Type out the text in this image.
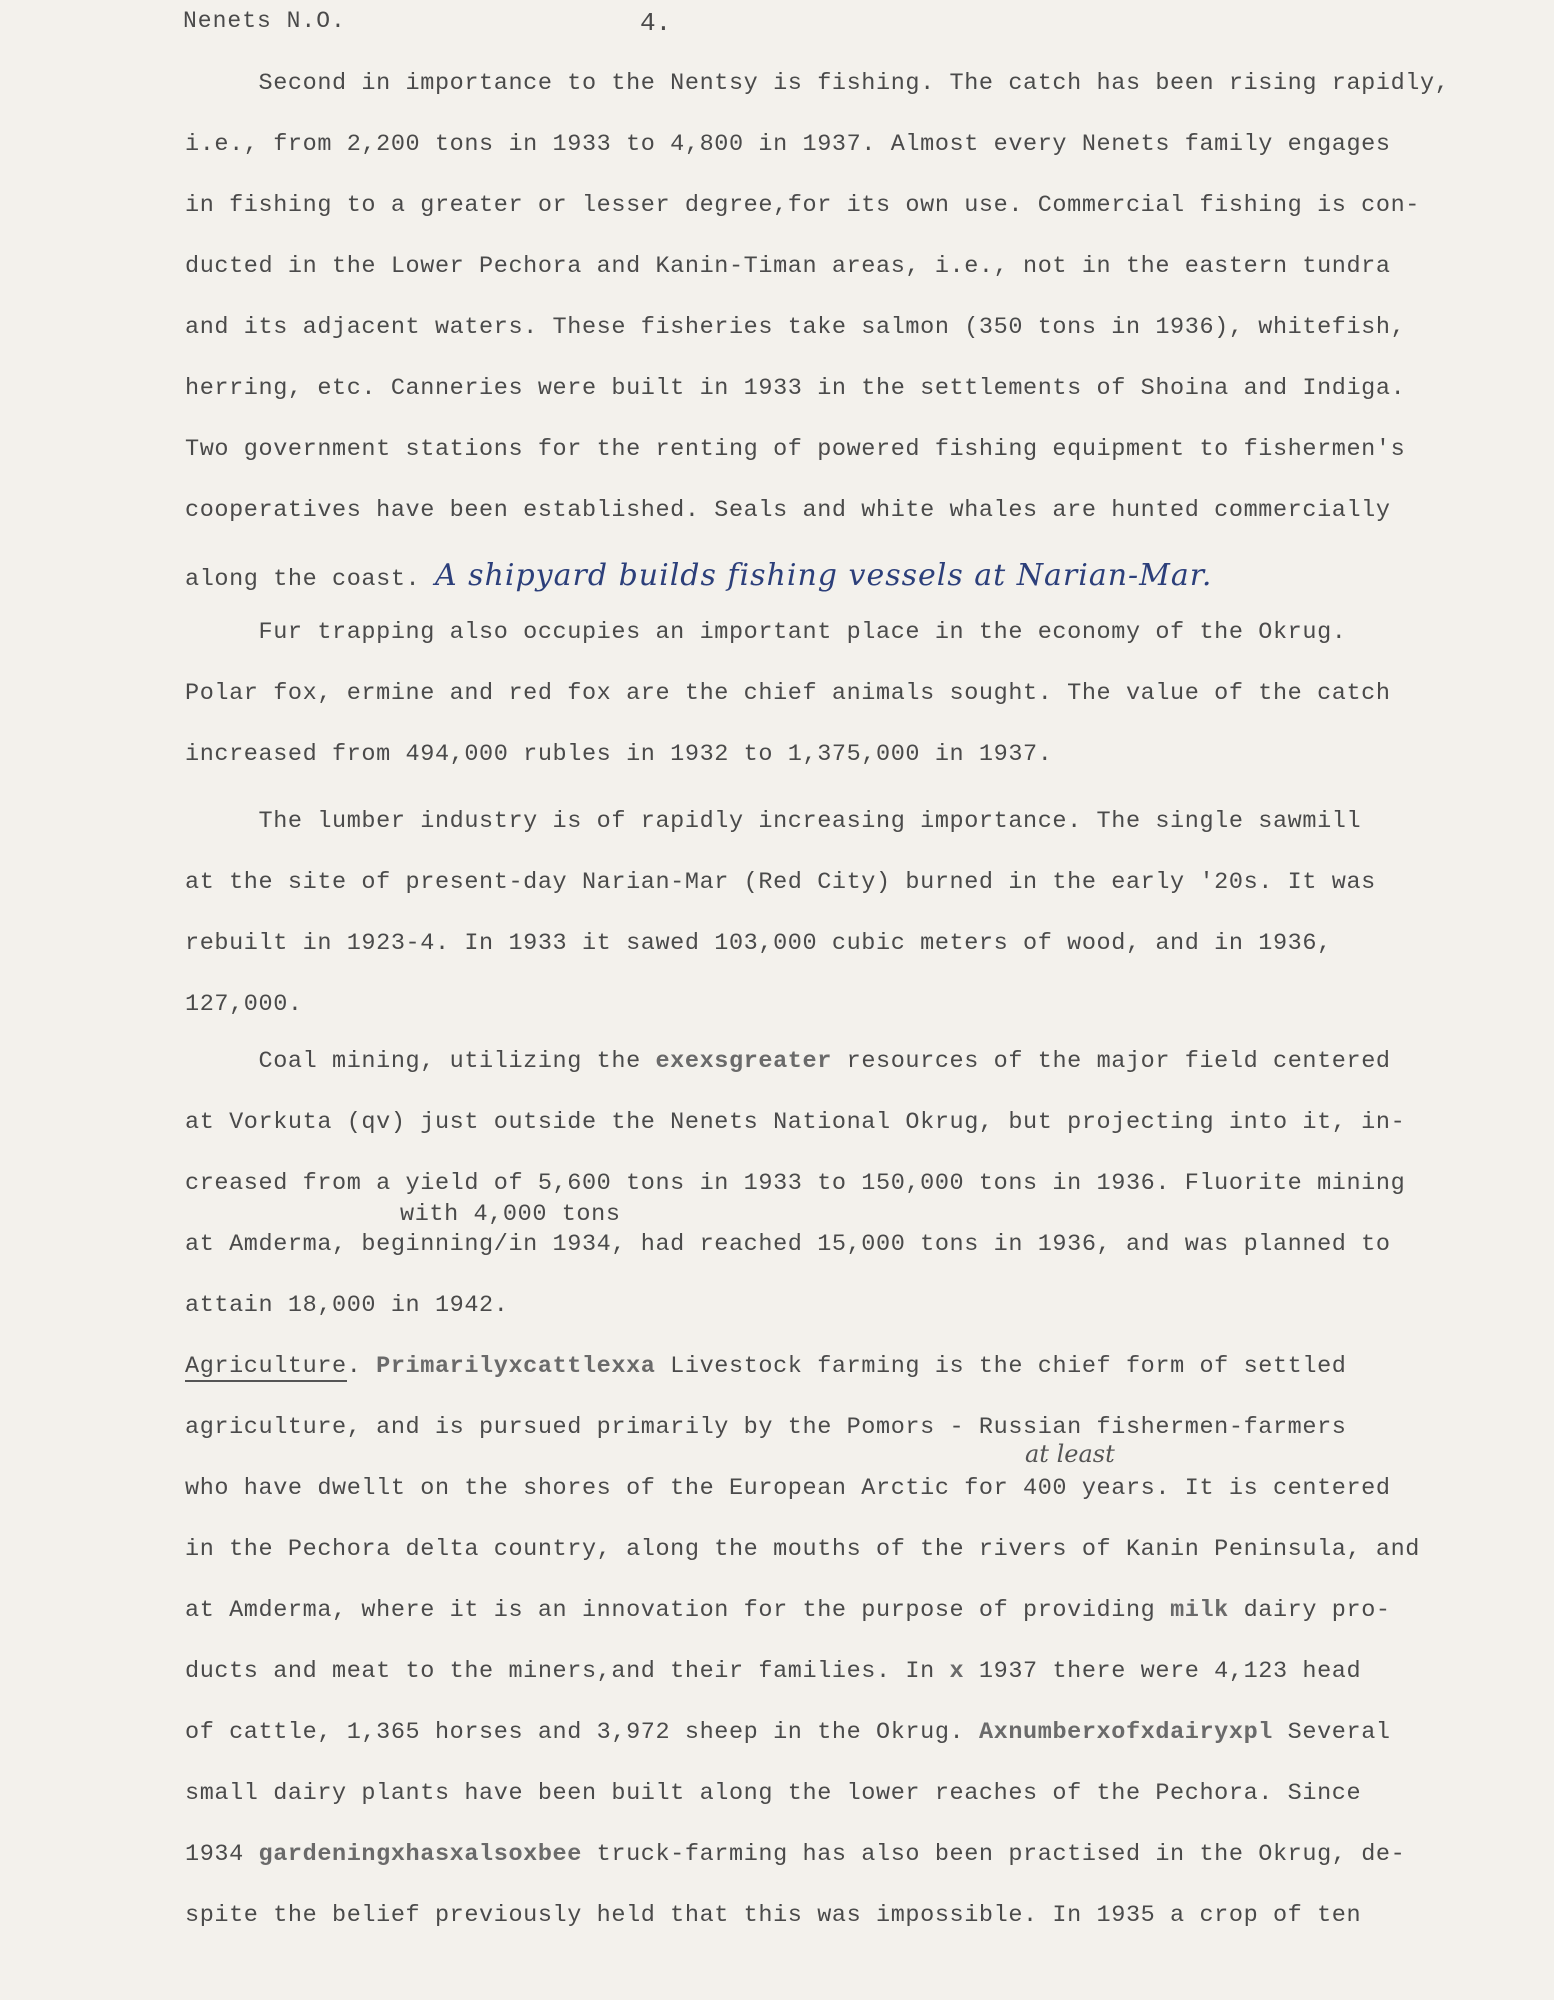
Nenets N.O.	4.
Second in importance to the Nentsy is fishing. The catch has been rising rapidly,
i.e., from 2,200 tons in 1933 to 4,800 in 1937. Almost every Nenets family engages
in fishing to a greater or lesser degree,for its own use. Commercial fishing is con-
ducted in the Lower Pechora and Kanin-Timan areas, i.e., not in the eastern tundra
and its adjacent waters. These fisheries take salmon (350 tons in 1936), whitefish,
herring, etc. Canneries were built in 1933 in the settlements of Shoina and Indiga.
Two government stations for the renting of powered fishing equipment to fishermen's
cooperatives have been established. Seals and white whales are hunted commercially
along the coast. A shipyard builds fishing vessels at Narian-Mar.
Fur trapping also occupies an important place in the economy of the Okrug.
Polar fox, ermine and red fox are the chief animals sought. The value of the catch
increased from 494,000 rubles in 1932 to 1,375,000 in 1937.
The lumber industry is of rapidly increasing importance. The single sawmill
at the site of present-day Narian-Mar (Red City) burned in the early '20s. It was
rebuilt in 1923-4. In 1933 it sawed 103,000 cubic meters of wood, and in 1936,
127,000.
Coal mining, utilizing the exexsgreater resources of the major field centered
at Vorkuta (qv) just outside the Nenets National Okrug, but projecting into it, in-
creased from a yield of 5,600 tons in 1933 to 150,000 tons in 1936. Fluorite mining
with 4,000 tons
at Amderma, beginning/in 1934, had reached 15,000 tons in 1936, and was planned to
attain 18,000 in 1942.
Agriculture. Primarilyxcattlexxa Livestock farming is the chief form of settled
agriculture, and is pursued primarily by the Pomors - Russian fishermen-farmers
at least
who have dwellt on the shores of the European Arctic for 400 years. It is centered
in the Pechora delta country, along the mouths of the rivers of Kanin Peninsula, and
at Amderma, where it is an innovation for the purpose of providing milk dairy pro-
ducts and meat to the miners,and their families. In x 1937 there were 4,123 head
of cattle, 1,365 horses and 3,972 sheep in the Okrug. Axnumberxofxdairyxpl Several
small dairy plants have been built along the lower reaches of the Pechora. Since
1934 gardeningxhasxalsoxbee truck-farming has also been practised in the Okrug, de-
spite the belief previously held that this was impossible. In 1935 a crop of ten
